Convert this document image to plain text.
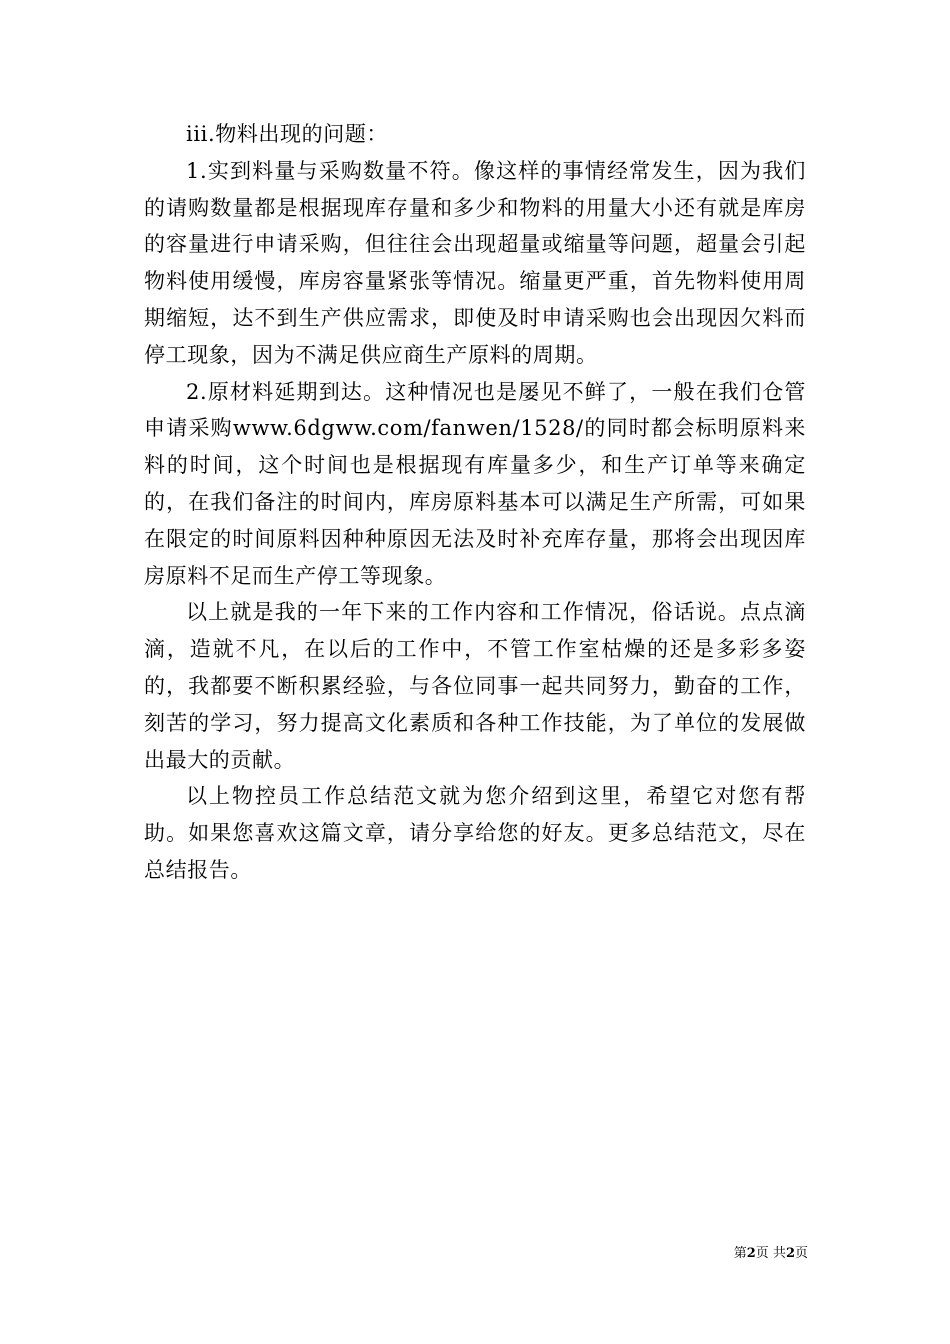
iii.物料出现的问题：

1.实到料量与采购数量不符。像这样的事情经常发生，因为我们的请购数量都是根据现库存量和多少和物料的用量大小还有就是库房的容量进行申请采购，但往往会出现超量或缩量等问题，超量会引起物料使用缓慢，库房容量紧张等情况。缩量更严重，首先物料使用周期缩短，达不到生产供应需求，即使及时申请采购也会出现因欠料而停工现象，因为不满足供应商生产原料的周期。

2.原材料延期到达。这种情况也是屡见不鲜了，一般在我们仓管申请采购www.6dgww.com/fanwen/1528/的同时都会标明原料来料的时间，这个时间也是根据现有库量多少，和生产订单等来确定的，在我们备注的时间内，库房原料基本可以满足生产所需，可如果在限定的时间原料因种种原因无法及时补充库存量，那将会出现因库房原料不足而生产停工等现象。

以上就是我的一年下来的工作内容和工作情况，俗话说。点点滴滴，造就不凡，在以后的工作中，不管工作室枯燥的还是多彩多姿的，我都要不断积累经验，与各位同事一起共同努力，勤奋的工作，刻苦的学习，努力提高文化素质和各种工作技能，为了单位的发展做出最大的贡献。

以上物控员工作总结范文就为您介绍到这里，希望它对您有帮助。如果您喜欢这篇文章，请分享给您的好友。更多总结范文，尽在总结报告。

第2页 共2页
